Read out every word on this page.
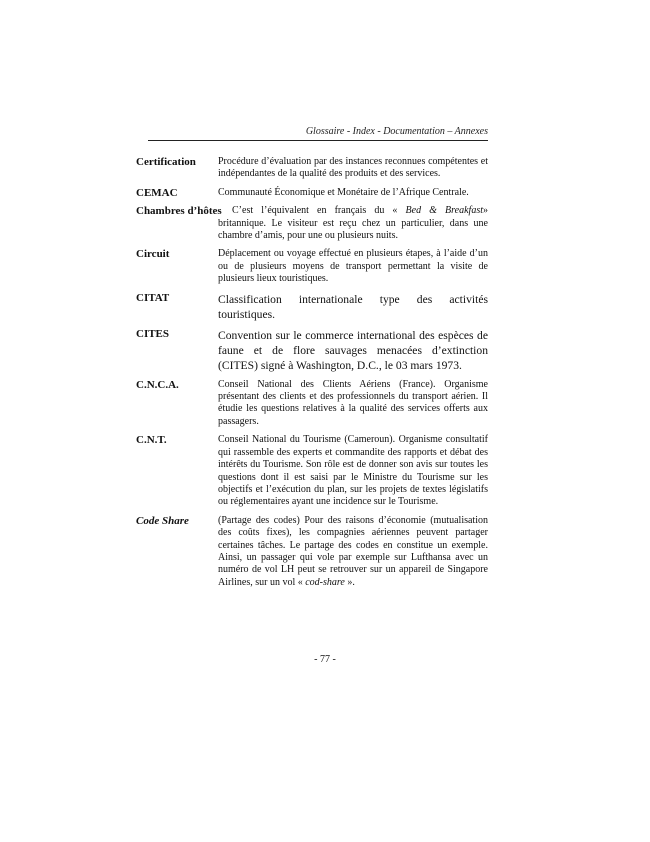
Glossaire - Index - Documentation – Annexes
Certification Procédure d’évaluation par des instances reconnues compétentes et indépendantes de la qualité des produits et des services.
CEMAC	Communauté Économique et Monétaire de l’Afrique Centrale.
Chambres d’hôtes	C’est l’équivalent en français du « Bed & Breakfast» britannique. Le visiteur est reçu chez un particulier, dans une chambre d’amis, pour une ou plusieurs nuits.
Circuit	Déplacement ou voyage effectué en plusieurs étapes, à l’aide d’un ou de plusieurs moyens de transport permettant la visite de plusieurs lieux touristiques.
CITAT	Classification internationale type des activités touristiques.
CITES	Convention sur le commerce international des espèces de faune et de flore sauvages menacées d’extinction (CITES) signé à Washington, D.C., le 03 mars 1973.
C.N.C.A.	Conseil National des Clients Aériens (France). Organisme présentant des clients et des professionnels du transport aérien. Il étudie les questions relatives à la qualité des services offerts aux passagers.
C.N.T.	Conseil National du Tourisme (Cameroun). Organisme consultatif qui rassemble des experts et commandite des rapports et débat des intérêts du Tourisme. Son rôle est de donner son avis sur toutes les questions dont il est saisi par le Ministre du Tourisme sur les objectifs et l’exécution du plan, sur les projets de textes législatifs ou réglementaires ayant une incidence sur le Tourisme.
Code Share	(Partage des codes) Pour des raisons d’économie (mutualisation des coûts fixes), les compagnies aériennes peuvent partager certaines tâches. Le partage des codes en constitue un exemple. Ainsi, un passager qui vole par exemple sur Lufthansa avec un numéro de vol LH peut se retrouver sur un appareil de Singapore Airlines, sur un vol « cod-share ».
- 77 -
